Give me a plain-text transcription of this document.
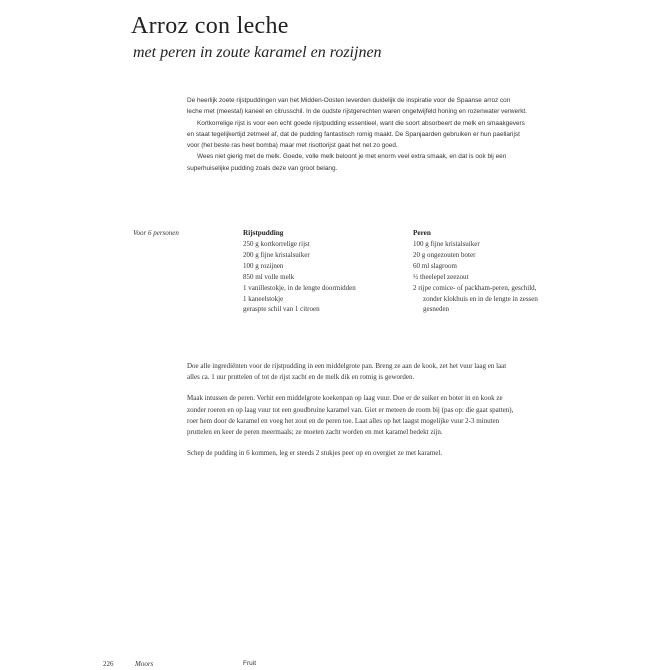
Arroz con leche
met peren in zoute karamel en rozijnen

De heerlijk zoete rijstpuddingen van het Midden-Oosten leverden duidelijk de inspiratie voor de Spaanse arroz con leche met (meestal) kaneel en citrusschil. In de oudste rijstgerechten waren ongetwijfeld honing en rozenwater verwerkt.

Kortkorrelige rijst is voor een echt goede rijstpudding essentieel, want die soort absorbeert de melk en smaakgevers en staat tegelijkertijd zetmeel af, dat de pudding fantastisch romig maakt. De Spanjaarden gebruiken er hun paellarijst voor (het beste ras heet bomba) maar met risottorijst gaat het net zo goed.

Wees niet gierig met de melk. Goede, volle melk beloont je met enorm veel extra smaak, en dat is ook bij een superhuiselijke pudding zoals deze van groot belang.

Voor 6 personen	Rijstpudding
250 g kortkorrelige rijst
200 g fijne kristalsuiker
100 g rozijnen
850 ml volle melk
1 vanillestokje, in de lengte doormidden
1 kaneelstokje
geraspte schil van 1 citroen
Peren
100 g fijne kristalsuiker
20 g ongezouten boter
60 ml slagroom
½ theelepel zeezout
2 rijpe comice- of packham-peren, geschild, zonder klokhuis en in de lengte in zessen gesneden

Doe alle ingrediënten voor de rijstpudding in een middelgrote pan. Breng ze aan de kook, zet het vuur laag en laat alles ca. 1 uur pruttelen of tot de rijst zacht en de melk dik en romig is geworden.

Maak intussen de peren. Verhit een middelgrote koekenpan op laag vuur. Doe er de suiker en boter in en kook ze zonder roeren en op laag vuur tot een goudbruine karamel van. Giet er meteen de room bij (pas op: die gaat spatten), roer hem door de karamel en voeg het zout en de peren toe. Laat alles op het laagst mogelijke vuur 2-3 minuten pruttelen en keer de peren meermaals; ze moeten zacht worden en met karamel bedekt zijn.

Schep de pudding in 6 kommen, leg er steeds 2 stukjes peer op en overgiet ze met karamel.

226	Moors	Fruit
